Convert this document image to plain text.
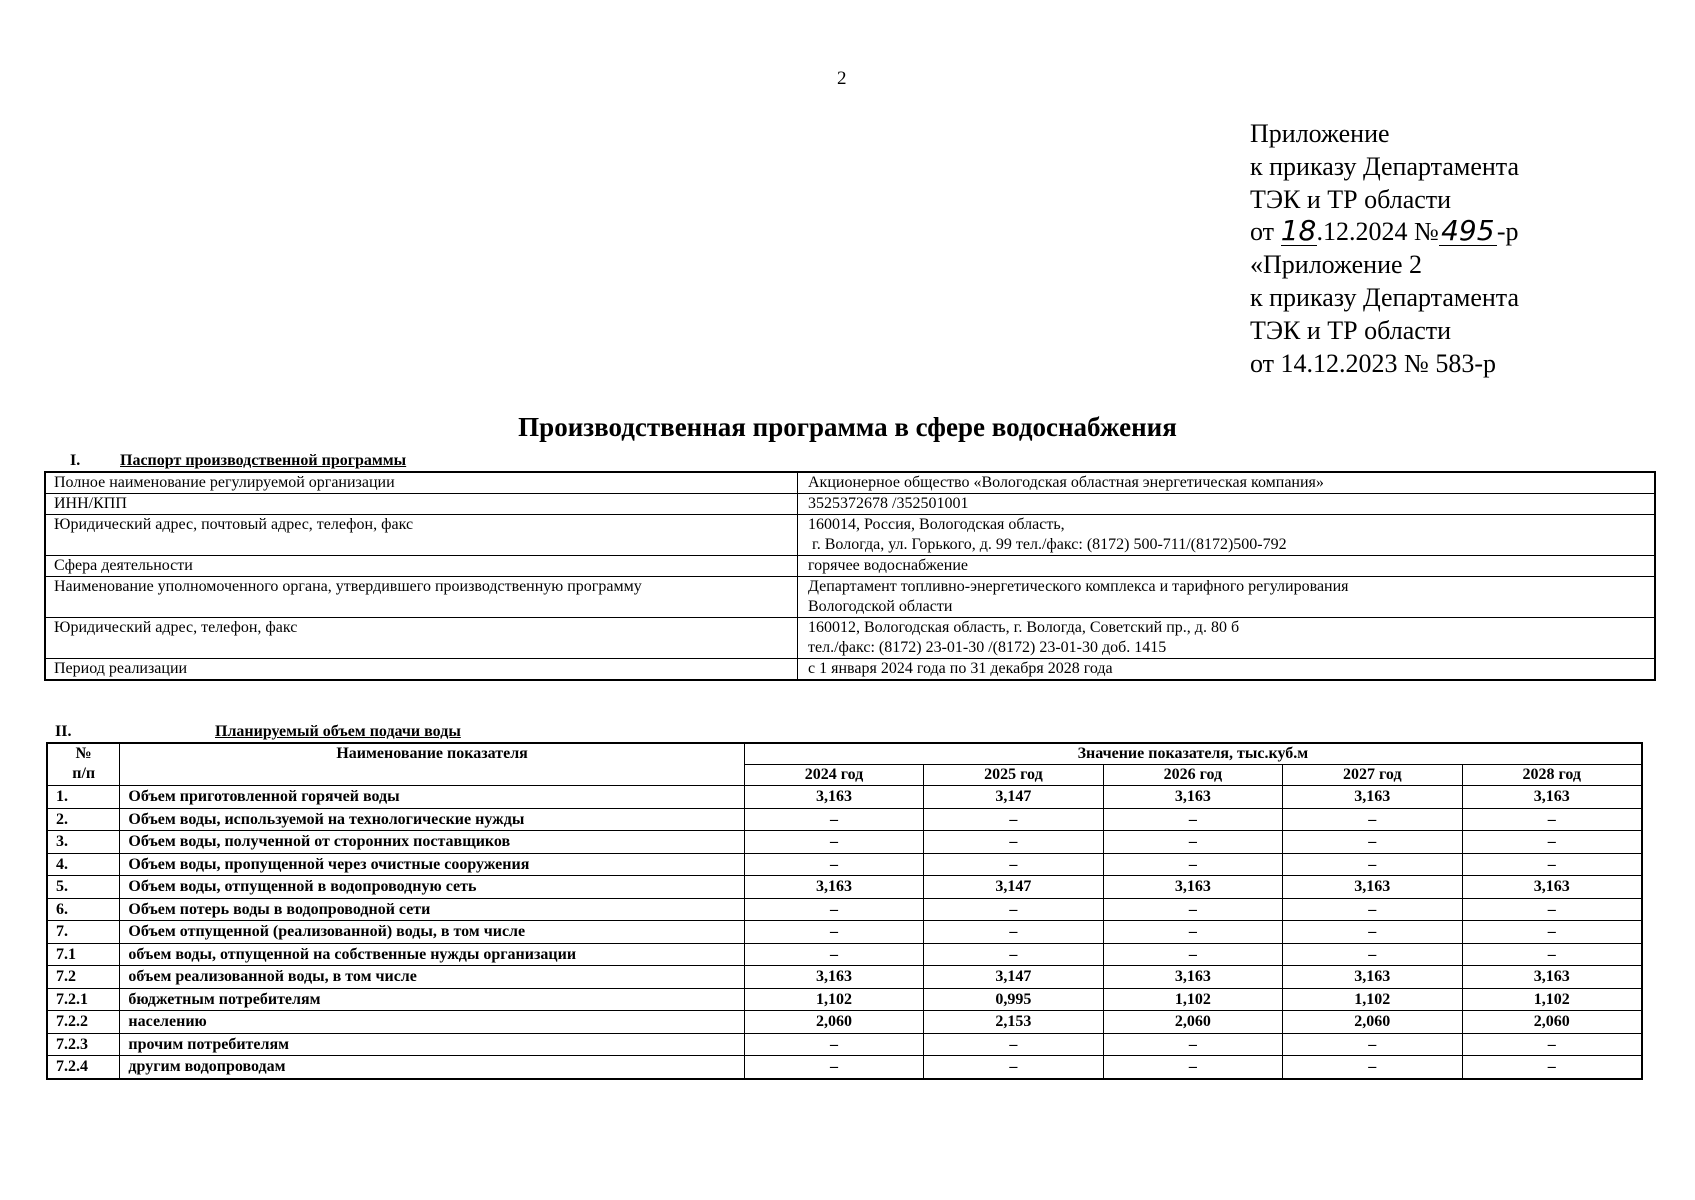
2
Приложение
к приказу Департамента
ТЭК и ТР области
от 18.12.2024 №495-р
«Приложение 2
к приказу Департамента
ТЭК и ТР области
от 14.12.2023 № 583-р
Производственная программа в сфере водоснабжения
I. Паспорт производственной программы
Полное наименование регулируемой организации	Акционерное общество «Вологодская областная энергетическая компания»

ИНН/КПП	3525372678 /352501001

Юридический адрес, почтовый адрес, телефон, факс	160014, Россия, Вологодская область,
г. Вологда, ул. Горького, д. 99 тел./факс: (8172) 500-711/(8172)500-792

Сфера деятельности	горячее водоснабжение

Наименование уполномоченного органа, утвердившего производственную программу	Департамент топливно-энергетического комплекса и тарифного регулирования
Вологодской области

Юридический адрес, телефон, факс	160012, Вологодская область, г. Вологда, Советский пр., д. 80 б
тел./факс: (8172) 23-01-30 /(8172) 23-01-30 доб. 1415

Период реализации	с 1 января 2024 года по 31 декабря 2028 года
II.	Планируемый объем подачи воды
№
п/п	Наименование показателя	Значение показателя, тыс.куб.м				
		2024 год	2025 год	2026 год	2027 год	2028 год
1.	Объем приготовленной горячей воды	3,163	3,147	3,163	3,163	3,163
2.	Объем воды, используемой на технологические нужды	–	–	–	–	–
3.	Объем воды, полученной от сторонних поставщиков	–	–	–	–	–
4.	Объем воды, пропущенной через очистные сооружения	–	–	–	–	–
5.	Объем воды, отпущенной в водопроводную сеть	3,163	3,147	3,163	3,163	3,163
6.	Объем потерь воды в водопроводной сети	–	–	–	–	–
7.	Объем отпущенной (реализованной) воды, в том числе	–	–	–	–	–
7.1	объем воды, отпущенной на собственные нужды организации	–	–	–	–	–
7.2	объем реализованной воды, в том числе	3,163	3,147	3,163	3,163	3,163
7.2.1	бюджетным потребителям	1,102	0,995	1,102	1,102	1,102
7.2.2	населению	2,060	2,153	2,060	2,060	2,060
7.2.3	прочим потребителям	–	–	–	–	–
7.2.4	другим водопроводам	–	–	–	–	–
